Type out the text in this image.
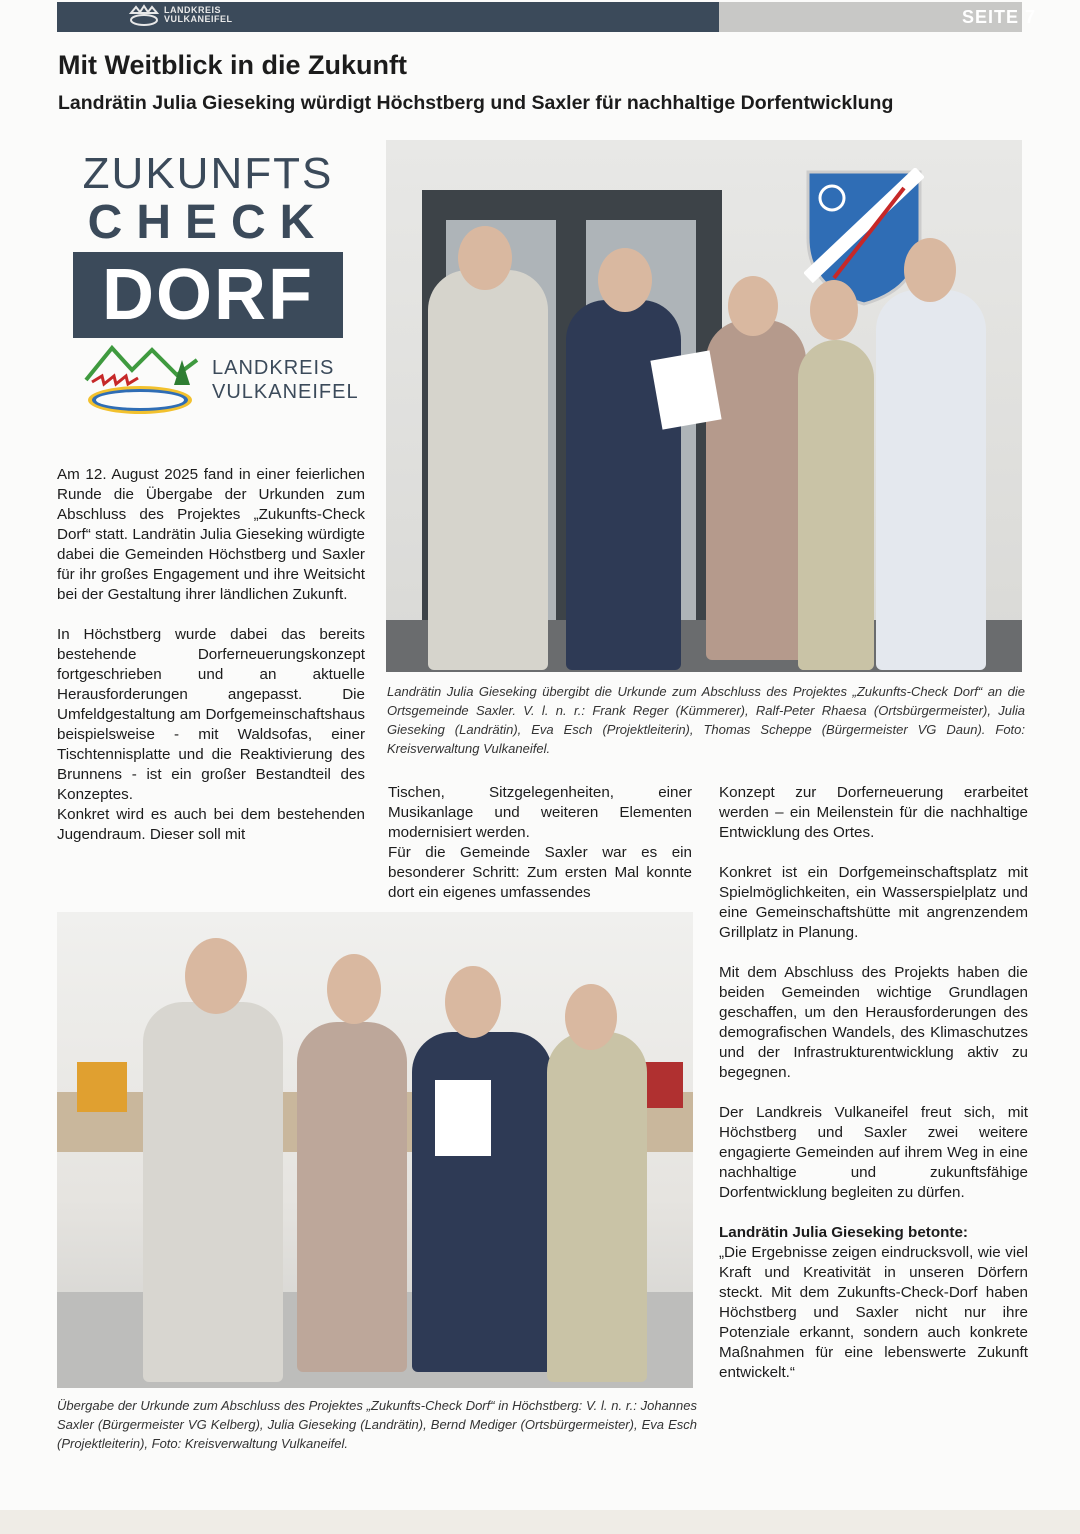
LANDKREIS
VULKANEIFEL	SEITE 7
Mit Weitblick in die Zukunft
Landrätin Julia Gieseking würdigt Höchstberg und Saxler für nachhaltige Dorfentwicklung
ZUKUNFTS
CHECK
DORF
LANDKREIS
VULKANEIFEL
Landrätin Julia Gieseking übergibt die Urkunde zum Abschluss des Projektes „Zukunfts-Check Dorf“ an die Ortsgemeinde Saxler. V. l. n. r.: Frank Reger (Kümmerer), Ralf-Peter Rhaesa (Ortsbürgermeister), Julia Gieseking (Landrätin), Eva Esch (Projektleiterin), Thomas Scheppe (Bürgermeister VG Daun). Foto: Kreisverwaltung Vulkaneifel.

Am 12. August 2025 fand in einer feierlichen Runde die Übergabe der Urkunden zum Abschluss des Projektes „Zukunfts-Check Dorf“ statt. Landrätin Julia Gieseking würdigte dabei die Gemeinden Höchstberg und Saxler für ihr großes Engagement und ihre Weitsicht bei der Gestaltung ihrer ländlichen Zukunft.

In Höchstberg wurde dabei das bereits bestehende Dorferneuerungskonzept fortgeschrieben und an aktuelle Herausforderungen angepasst. Die Umfeldgestaltung am Dorfgemeinschaftshaus beispielsweise - mit Waldsofas, einer Tischtennisplatte und die Reaktivierung des Brunnens - ist ein großer Bestandteil des Konzeptes.

Konkret wird es auch bei dem bestehenden Jugendraum. Dieser soll mit

Tischen, Sitzgelegenheiten, einer Musikanlage und weiteren Elementen modernisiert werden.

Für die Gemeinde Saxler war es ein besonderer Schritt: Zum ersten Mal konnte dort ein eigenes umfassendes

Konzept zur Dorferneuerung erarbeitet werden – ein Meilenstein für die nachhaltige Entwicklung des Ortes.

Konkret ist ein Dorfgemeinschaftsplatz mit Spielmöglichkeiten, ein Wasserspielplatz und eine Gemeinschaftshütte mit angrenzendem Grillplatz in Planung.

Mit dem Abschluss des Projekts haben die beiden Gemeinden wichtige Grundlagen geschaffen, um den Herausforderungen des demografischen Wandels, des Klimaschutzes und der Infrastrukturentwicklung aktiv zu begegnen.

Der Landkreis Vulkaneifel freut sich, mit Höchstberg und Saxler zwei weitere engagierte Gemeinden auf ihrem Weg in eine nachhaltige und zukunftsfähige Dorfentwicklung begleiten zu dürfen.

Landrätin Julia Gieseking betonte:

„Die Ergebnisse zeigen eindrucksvoll, wie viel Kraft und Kreativität in unseren Dörfern steckt. Mit dem Zukunfts-Check-Dorf haben Höchstberg und Saxler nicht nur ihre Potenziale erkannt, sondern auch konkrete Maßnahmen für eine lebenswerte Zukunft entwickelt.“

Übergabe der Urkunde zum Abschluss des Projektes „Zukunfts-Check Dorf“ in Höchstberg: V. l. n. r.: Johannes Saxler (Bürgermeister VG Kelberg), Julia Gieseking (Landrätin), Bernd Mediger (Ortsbürgermeister), Eva Esch (Projektleiterin), Foto: Kreisverwaltung Vulkaneifel.
